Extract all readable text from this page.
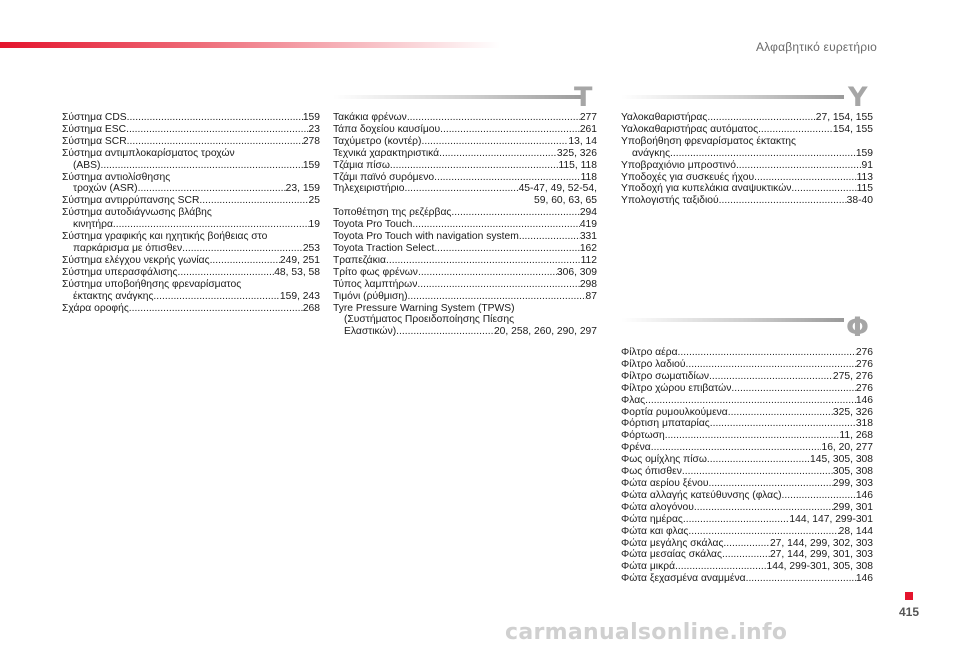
Αλφαβητικό ευρετήριο
T	Y
Φ
Σύστημα CDS .....	159
Σύστημα ESC .....	23
Σύστημα SCR .....	278
Σύστημα αντιμπλοκαρίσματος τροχών
(ABS) .....	159
Σύστημα αντιολίσθησης
τροχών (ASR) .....	23, 159
Σύστημα αντιρρύπανσης SCR .....	25
Σύστημα αυτοδιάγνωσης βλάβης
κινητήρα .....	19
Σύστημα γραφικής και ηχητικής βοήθειας στο
παρκάρισμα με όπισθεν .....	253
Σύστημα ελέγχου νεκρής γωνίας .....	249, 251
Σύστημα υπερασφάλισης .....	48, 53, 58
Σύστημα υποβοήθησης φρεναρίσματος
έκτακτης ανάγκης .....	159, 243
Σχάρα οροφής .....	268
Τακάκια φρένων .....	277
Τάπα δοχείου καυσίμου .....	261
Ταχύμετρο (κοντέρ) .....	13, 14
Τεχνικά χαρακτηριστικά .....	325, 326
Τζάμια πίσω .....	115, 118
Τζάμι παϊνό συρόμενο .....	118
Τηλεχειριστήριο .....	45-47, 49, 52-54,
59, 60, 63, 65
Τοποθέτηση της ρεζέρβας .....	294
Toyota Pro Touch .....	419
Toyota Pro Touch with navigation system .....	331
Toyota Traction Select .....	162
Τραπεζάκια .....	112
Τρίτο φως φρένων .....	306, 309
Τύπος λαμπτήρων .....	298
Τιμόνι (ρύθμιση) .....	87
Tyre Pressure Warning System (TPWS)
(Συστήματος Προειδοποίησης Πίεσης
Ελαστικών) .....	20, 258, 260, 290, 297
Υαλοκαθαριστήρας .....	27, 154, 155
Υαλοκαθαριστήρας αυτόματος .....	154, 155
Υποβοήθηση φρεναρίσματος έκτακτης
ανάγκης .....	159
Υποβραχιόνιο μπροστινό .....	91
Υποδοχές για συσκευές ήχου .....	113
Υποδοχή για κυπελάκια αναψυκτικών .....	115
Υπολογιστής ταξιδιού .....	38-40
Φίλτρο αέρα .....	276
Φίλτρο λαδιού .....	276
Φίλτρο σωματιδίων .....	275, 276
Φίλτρο χώρου επιβατών .....	276
Φλας .....	146
Φορτία ρυμουλκούμενα .....	325, 326
Φόρτιση μπαταρίας .....	318
Φόρτωση .....	11, 268
Φρένα .....	16, 20, 277
Φως ομίχλης πίσω .....	145, 305, 308
Φως όπισθεν .....	305, 308
Φώτα αερίου ξένου .....	299, 303
Φώτα αλλαγής κατεύθυνσης (φλας) .....	146
Φώτα αλογόνου .....	299, 301
Φώτα ημέρας .....	144, 147, 299-301
Φώτα και φλας .....	28, 144
Φώτα μεγάλης σκάλας .....	27, 144, 299, 302, 303
Φώτα μεσαίας σκάλας .....	27, 144, 299, 301, 303
Φώτα μικρά .....	144, 299-301, 305, 308
Φώτα ξεχασμένα αναμμένα .....	146
415
carmanualsonline.info
